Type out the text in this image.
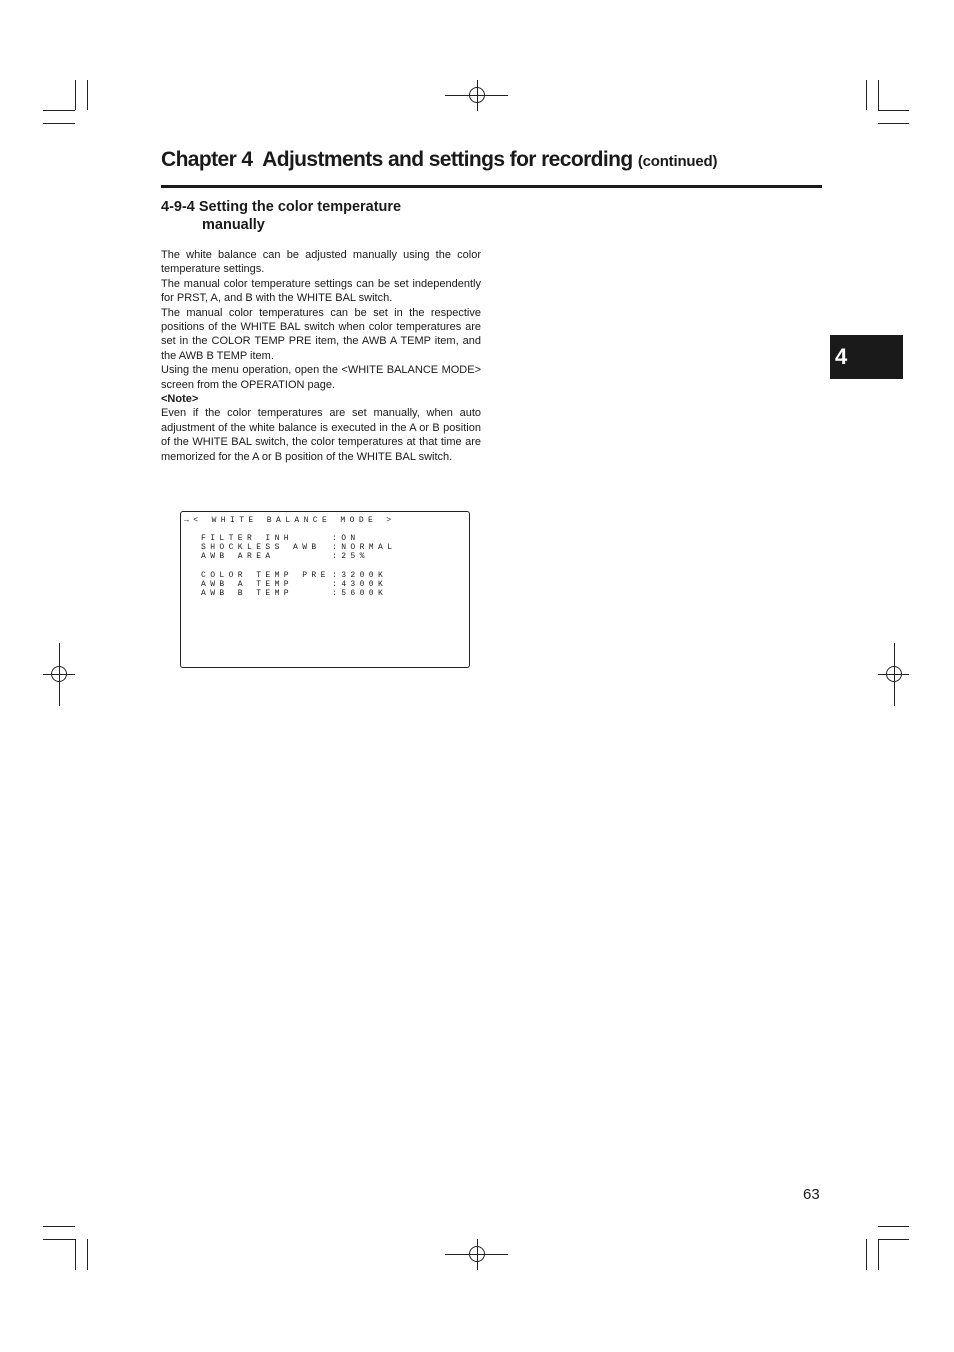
Chapter 4  Adjustments and settings for recording (continued)
4-9-4 Setting the color temperature
manually

The white balance can be adjusted manually using the color temperature settings.

The manual color temperature settings can be set independently for PRST, A, and B with the WHITE BAL switch.

The manual color temperatures can be set in the respective positions of the WHITE BAL switch when color temperatures are set in the COLOR TEMP PRE item, the AWB A TEMP item, and the AWB B TEMP item.

Using the menu operation, open the <WHITE BALANCE MODE> screen from the OPERATION page.

<Note>

Even if the color temperatures are set manually, when auto adjustment of the white balance is executed in the A or B position of the WHITE BAL switch, the color temperatures at that time are memorized for the A or B position of the WHITE BAL switch.

→< WHITE BALANCE MODE >

FILTER INH

	:ON

SHOCKLESS AWB

:NORMAL

AWB AREA

	:25%

COLOR TEMP PRE

:3200K

AWB A TEMP

	:4300K

AWB B TEMP

	:5600K

4
63
